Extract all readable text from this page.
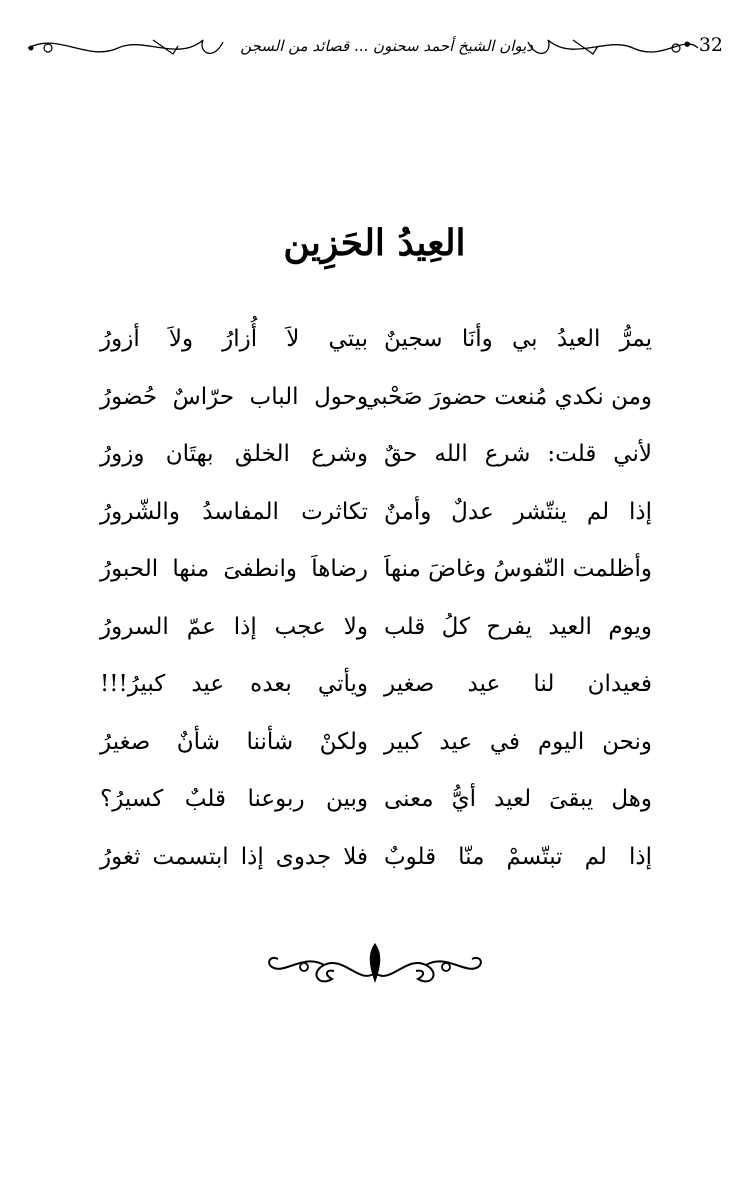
• 32
ديوان الشيخ أحمد سحنون ... قصائد من السجن
العِيدُ الحَزِين
يمرُّ العيدُ بي وأنَا سجينٌ
بيتي لاَ أُزارُ ولاَ أزورُ
ومن نكدي مُنعت حضورَ صَحْبي
وحول الباب حرّاسٌ حُضورُ
لأني قلت: شرع الله حقٌ
وشرع الخلق بهتَان وزورُ
إذا لم ينتّشر عدلٌ وأمنٌ
تكاثرت المفاسدُ والشّرورُ
وأظلمت النّفوسُ وغاضَ منهاَ
رضاهاَ وانطفىَ منها الحبورُ
ويوم العيد يفرح كلُ قلب
ولا عجب إذا عمّ السرورُ
فعيدان لنا عيد صغير
ويأتي بعده عيد كبيرُ!!!
ونحن اليوم في عيد كبير
ولكنْ شأننا شأنٌ صغيرُ
وهل يبقىَ لعيد أيُّ معنى
وبين ربوعنا قلبٌ كسيرُ؟
إذا لم تبتّسمْ منّا قلوبٌ
فلا جدوى إذا ابتسمت ثغورُ
